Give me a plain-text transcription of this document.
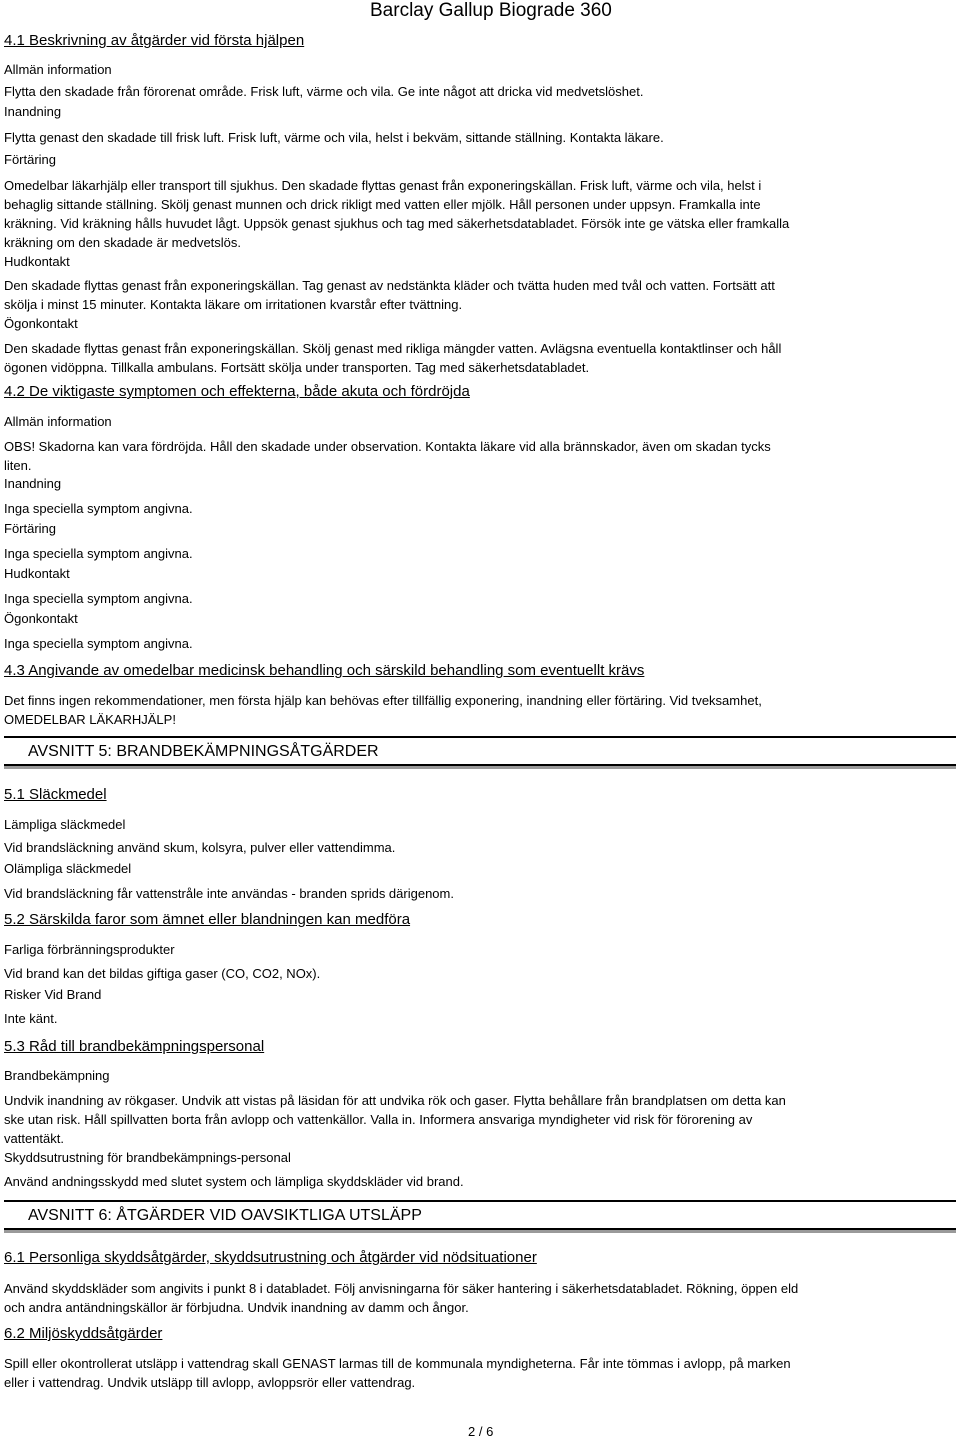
Barclay Gallup Biograde 360
4.1 Beskrivning av åtgärder vid första hjälpen
Allmän information
Flytta den skadade från förorenat område. Frisk luft, värme och vila. Ge inte något att dricka vid medvetslöshet.
Inandning
Flytta genast den skadade till frisk luft. Frisk luft, värme och vila, helst i bekväm, sittande ställning. Kontakta läkare.
Förtäring
Omedelbar läkarhjälp eller transport till sjukhus. Den skadade flyttas genast från exponeringskällan. Frisk luft, värme och vila, helst i
behaglig sittande ställning. Skölj genast munnen och drick rikligt med vatten eller mjölk. Håll personen under uppsyn. Framkalla inte
kräkning. Vid kräkning hålls huvudet lågt. Uppsök genast sjukhus och tag med säkerhetsdatabladet. Försök inte ge vätska eller framkalla
kräkning om den skadade är medvetslös.
Hudkontakt
Den skadade flyttas genast från exponeringskällan. Tag genast av nedstänkta kläder och tvätta huden med tvål och vatten. Fortsätt att
skölja i minst 15 minuter. Kontakta läkare om irritationen kvarstår efter tvättning.
Ögonkontakt
Den skadade flyttas genast från exponeringskällan. Skölj genast med rikliga mängder vatten. Avlägsna eventuella kontaktlinser och håll
ögonen vidöppna. Tillkalla ambulans. Fortsätt skölja under transporten. Tag med säkerhetsdatabladet.
4.2 De viktigaste symptomen och effekterna, både akuta och fördröjda
Allmän information
OBS! Skadorna kan vara fördröjda. Håll den skadade under observation. Kontakta läkare vid alla brännskador, även om skadan tycks
liten.
Inandning
Inga speciella symptom angivna.
Förtäring
Inga speciella symptom angivna.
Hudkontakt
Inga speciella symptom angivna.
Ögonkontakt
Inga speciella symptom angivna.
4.3 Angivande av omedelbar medicinsk behandling och särskild behandling som eventuellt krävs
Det finns ingen rekommendationer, men första hjälp kan behövas efter tillfällig exponering, inandning eller förtäring. Vid tveksamhet,
OMEDELBAR LÄKARHJÄLP!
AVSNITT 5: BRANDBEKÄMPNINGSÅTGÄRDER
5.1 Släckmedel
Lämpliga släckmedel
Vid brandsläckning använd skum, kolsyra, pulver eller vattendimma.
Olämpliga släckmedel
Vid brandsläckning får vattenstråle inte användas - branden sprids därigenom.
5.2 Särskilda faror som ämnet eller blandningen kan medföra
Farliga förbränningsprodukter
Vid brand kan det bildas giftiga gaser (CO, CO2, NOx).
Risker Vid Brand
Inte känt.
5.3 Råd till brandbekämpningspersonal
Brandbekämpning
Undvik inandning av rökgaser. Undvik att vistas på läsidan för att undvika rök och gaser. Flytta behållare från brandplatsen om detta kan
ske utan risk. Håll spillvatten borta från avlopp och vattenkällor. Valla in. Informera ansvariga myndigheter vid risk för förorening av
vattentäkt.
Skyddsutrustning för brandbekämpnings-personal
Använd andningsskydd med slutet system och lämpliga skyddskläder vid brand.
AVSNITT 6: ÅTGÄRDER VID OAVSIKTLIGA UTSLÄPP
6.1 Personliga skyddsåtgärder, skyddsutrustning och åtgärder vid nödsituationer
Använd skyddskläder som angivits i punkt 8 i databladet. Följ anvisningarna för säker hantering i säkerhetsdatabladet. Rökning, öppen eld
och andra antändningskällor är förbjudna. Undvik inandning av damm och ångor.
6.2 Miljöskyddsåtgärder
Spill eller okontrollerat utsläpp i vattendrag skall GENAST larmas till de kommunala myndigheterna. Får inte tömmas i avlopp, på marken
eller i vattendrag. Undvik utsläpp till avlopp, avloppsrör eller vattendrag.
2 / 6
